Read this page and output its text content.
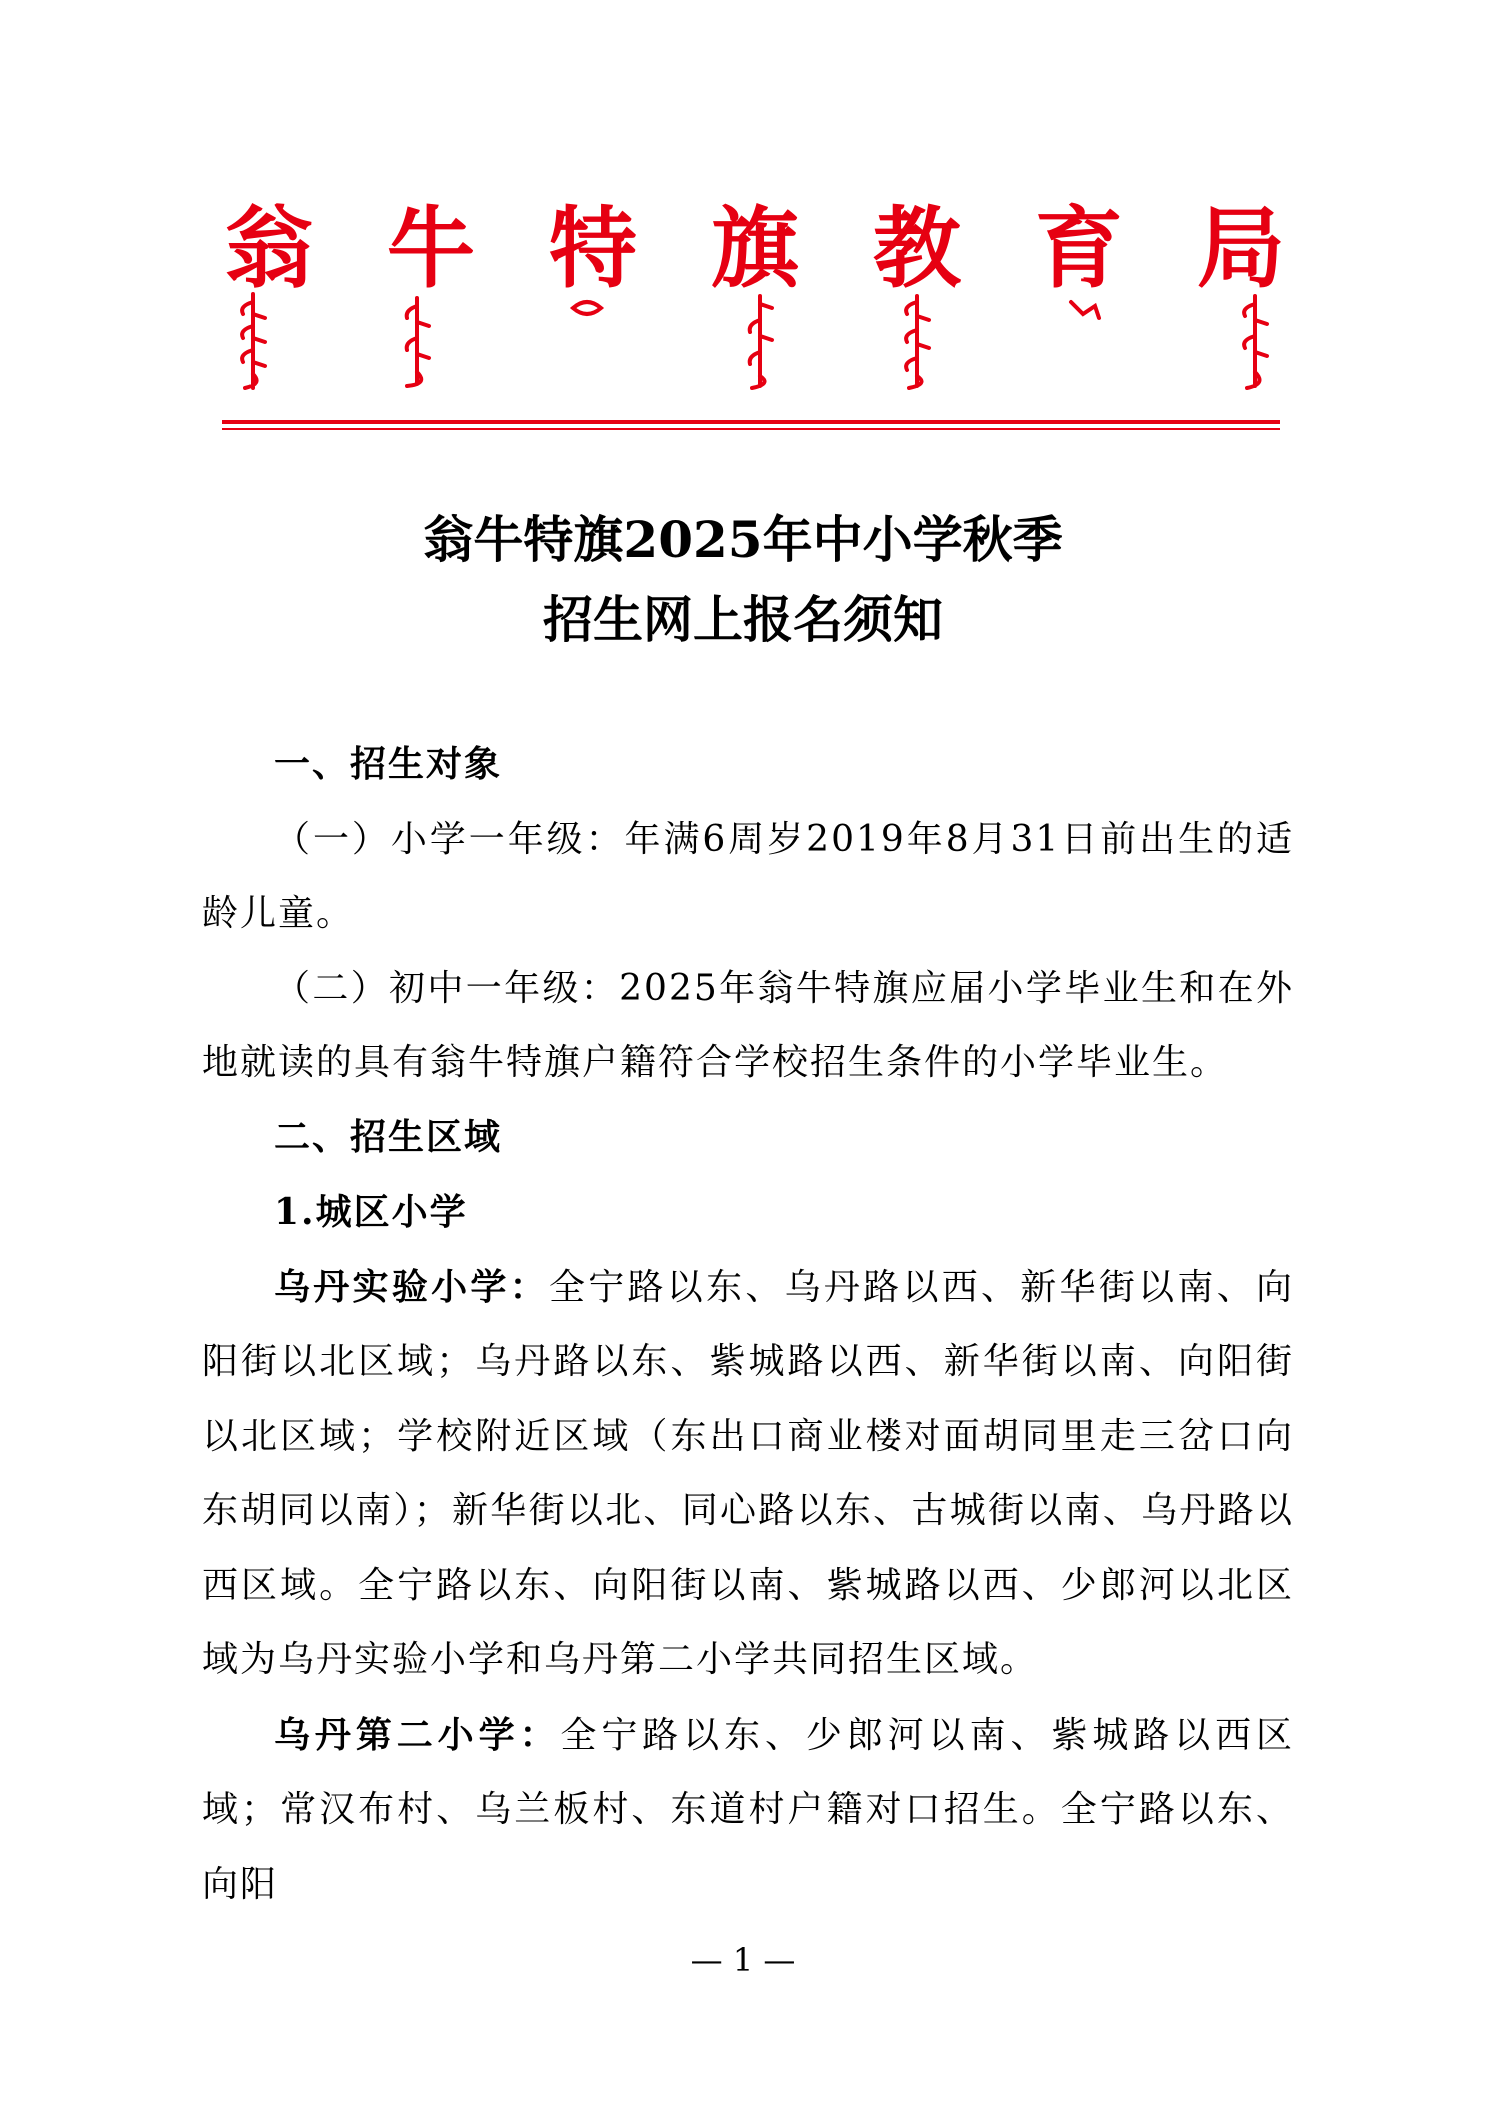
翁 牛 特 旗 教 育 局
翁牛特旗2025年中小学秋季
招生网上报名须知

一、招生对象

（一）小学一年级：年满6周岁2019年8月31日前出生的适龄儿童。

（二）初中一年级：2025年翁牛特旗应届小学毕业生和在外地就读的具有翁牛特旗户籍符合学校招生条件的小学毕业生。

二、招生区域

1.城区小学

乌丹实验小学：全宁路以东、乌丹路以西、新华街以南、向阳街以北区域；乌丹路以东、紫城路以西、新华街以南、向阳街以北区域；学校附近区域（东出口商业楼对面胡同里走三岔口向东胡同以南）；新华街以北、同心路以东、古城街以南、乌丹路以西区域。全宁路以东、向阳街以南、紫城路以西、少郎河以北区域为乌丹实验小学和乌丹第二小学共同招生区域。

乌丹第二小学：全宁路以东、少郎河以南、紫城路以西区域；常汉布村、乌兰板村、东道村户籍对口招生。全宁路以东、向阳

— 1 —
